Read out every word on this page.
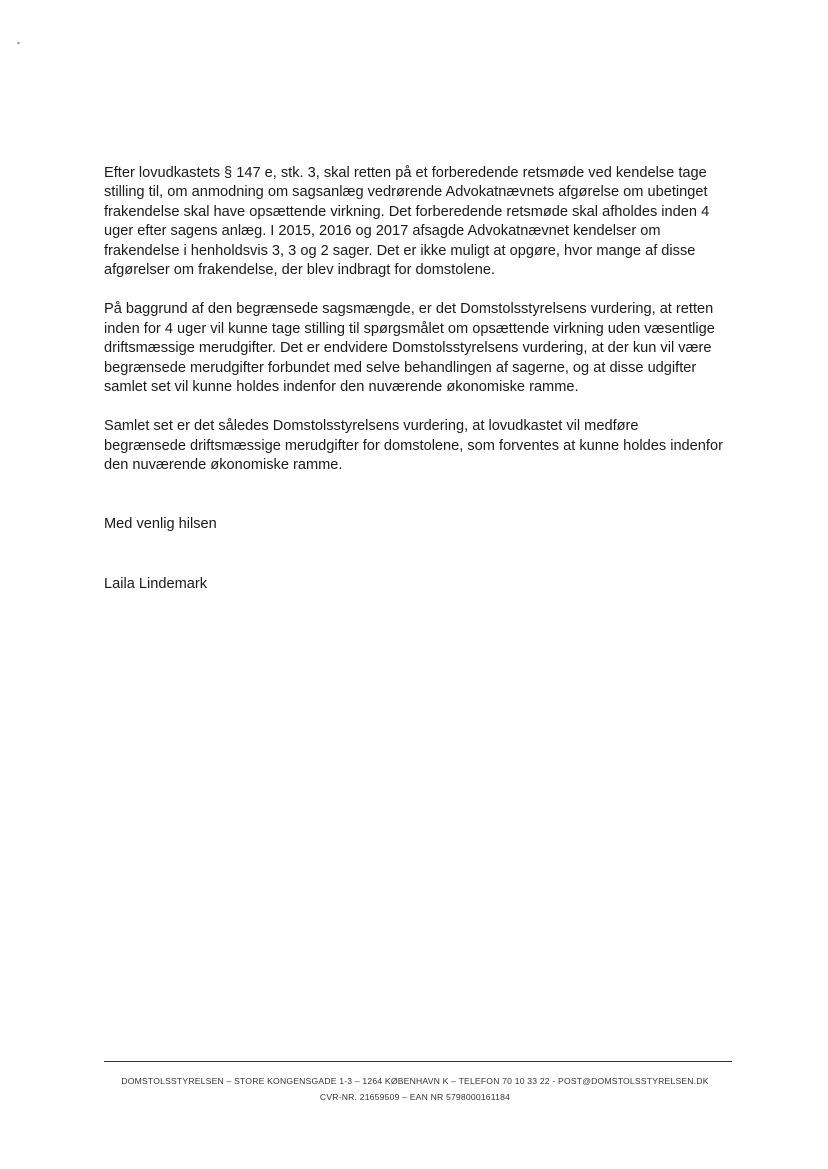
Efter lovudkastets § 147 e, stk. 3, skal retten på et forberedende retsmøde ved kendelse tage
stilling til, om anmodning om sagsanlæg vedrørende Advokatnævnets afgørelse om ubetinget
frakendelse skal have opsættende virkning. Det forberedende retsmøde skal afholdes inden 4
uger efter sagens anlæg. I 2015, 2016 og 2017 afsagde Advokatnævnet kendelser om
frakendelse i henholdsvis 3, 3 og 2 sager. Det er ikke muligt at opgøre, hvor mange af disse
afgørelser om frakendelse, der blev indbragt for domstolene.

På baggrund af den begrænsede sagsmængde, er det Domstolsstyrelsens vurdering, at retten
inden for 4 uger vil kunne tage stilling til spørgsmålet om opsættende virkning uden væsentlige
driftsmæssige merudgifter. Det er endvidere Domstolsstyrelsens vurdering, at der kun vil være
begrænsede merudgifter forbundet med selve behandlingen af sagerne, og at disse udgifter
samlet set vil kunne holdes indenfor den nuværende økonomiske ramme.

Samlet set er det således Domstolsstyrelsens vurdering, at lovudkastet vil medføre
begrænsede driftsmæssige merudgifter for domstolene, som forventes at kunne holdes indenfor
den nuværende økonomiske ramme.

Med venlig hilsen

Laila Lindemark

DOMSTOLSSTYRELSEN – STORE KONGENSGADE 1-3 – 1264 KØBENHAVN K – TELEFON 70 10 33 22 - POST@DOMSTOLSSTYRELSEN.DK
CVR-NR. 21659509 – EAN NR 5798000161184
